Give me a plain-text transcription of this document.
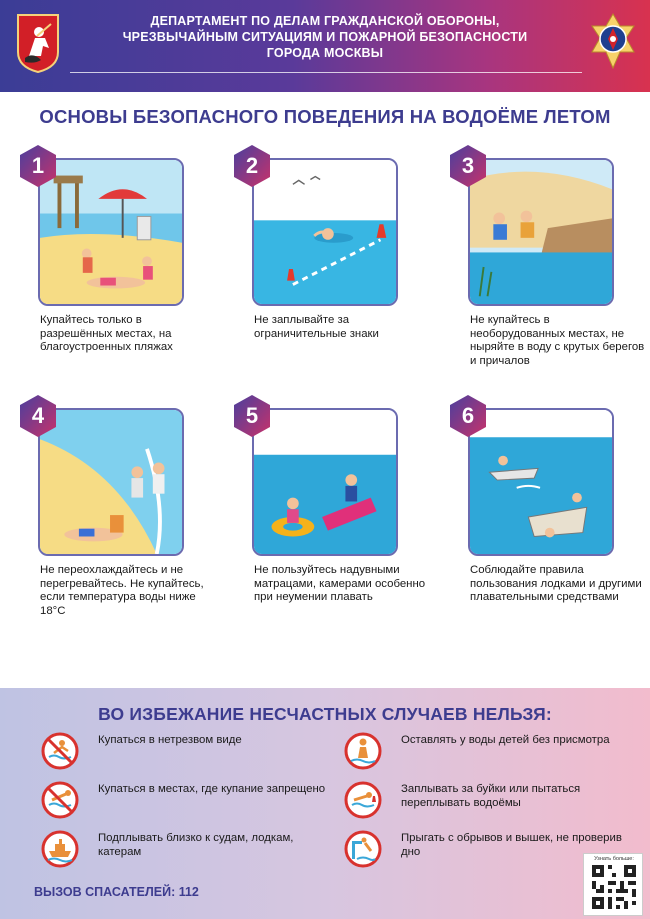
ДЕПАРТАМЕНТ ПО ДЕЛАМ ГРАЖДАНСКОЙ ОБОРОНЫ,
ЧРЕЗВЫЧАЙНЫМ СИТУАЦИЯМ И ПОЖАРНОЙ БЕЗОПАСНОСТИ
ГОРОДА МОСКВЫ
ОСНОВЫ БЕЗОПАСНОГО ПОВЕДЕНИЯ НА ВОДОЁМЕ ЛЕТОМ
1
Купайтесь только в разрешённых местах, на благоустроенных пляжах
2
Не заплывайте за ограничительные знаки
3
Не купайтесь в необорудованных местах, не ныряйте в воду с крутых берегов и причалов
4
Не переохлаждайтесь и не перегревайтесь. Не купайтесь, если температура воды ниже 18°С
5
Не пользуйтесь надувными матрацами, камерами особенно при неумении плавать
6
Соблюдайте правила пользования лодками и другими плавательными средствами
ВО ИЗБЕЖАНИЕ НЕСЧАСТНЫХ СЛУЧАЕВ НЕЛЬЗЯ:
Купаться в нетрезвом виде	Оставлять у воды детей без присмотра
Купаться в местах, где купание запрещено	Заплывать за буйки или пытаться переплывать водоёмы
Подплывать близко к судам, лодкам, катерам
Прыгать с обрывов и вышек, не проверив дно
ВЫЗОВ СПАСАТЕЛЕЙ: 112
Узнать больше:
